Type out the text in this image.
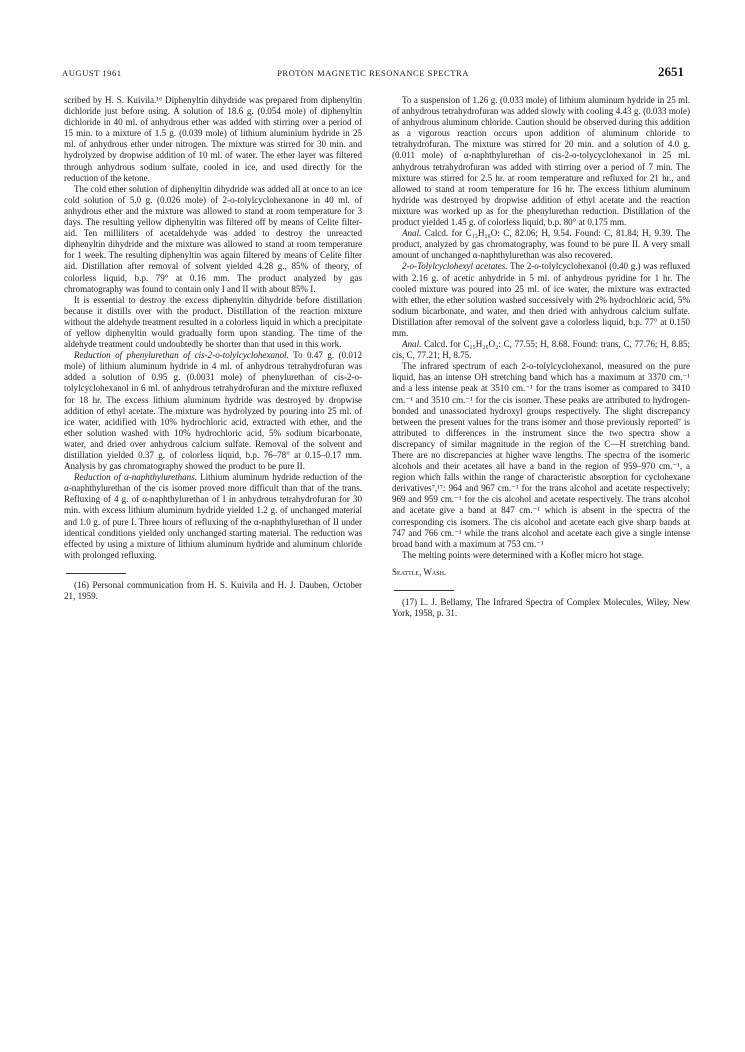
AUGUST 1961	PROTON MAGNETIC RESONANCE SPECTRA	2651

scribed by H. S. Kuivila.¹⁶ Diphenyltin dihydride was prepared from diphenyltin dichloride just before using. A solution of 18.6 g. (0.054 mole) of diphenyltin dichloride in 40 ml. of anhydrous ether was added with stirring over a period of 15 min. to a mixture of 1.5 g. (0.039 mole) of lithium aluminium hydride in 25 ml. of anhydrous ether under nitrogen. The mixture was stirred for 30 min. and hydrolyzed by dropwise addition of 10 ml. of water. The ether layer was filtered through anhydrous sodium sulfate, cooled in ice, and used directly for the reduction of the ketone.

The cold ether solution of diphenyltin dihydride was added all at once to an ice cold solution of 5.0 g. (0.026 mole) of 2-o-tolylcyclohexanone in 40 ml. of anhydrous ether and the mixture was allowed to stand at room temperature for 3 days. The resulting yellow diphenyltin was filtered off by means of Celite filter-aid. Ten milliliters of acetaldehyde was added to destroy the unreacted diphenyltin dihydride and the mixture was allowed to stand at room temperature for 1 week. The resulting diphenyltin was again filtered by means of Celite filter aid. Distillation after removal of solvent yielded 4.28 g., 85% of theory, of colorless liquid, b.p. 79° at 0.16 mm. The product analyzed by gas chromatography was found to contain only I and II with about 85% I.

It is essential to destroy the excess diphenyltin dihydride before distillation because it distills over with the product. Distillation of the reaction mixture without the aldehyde treatment resulted in a colorless liquid in which a precipitate of yellow diphenyltin would gradually form upon standing. The time of the aldehyde treatment could undoubtedly be shorter than that used in this work.

Reduction of phenylurethan of cis-2-o-tolylcyclohexanol. To 0.47 g. (0.012 mole) of lithium aluminum hydride in 4 ml. of anhydrous tetrahydrofuran was added a solution of 0.95 g. (0.0031 mole) of phenylurethan of cis-2-o-tolylcyclohexanol in 6 ml. of anhydrous tetrahydrofuran and the mixture refluxed for 18 hr. The excess lithium aluminum hydride was destroyed by dropwise addition of ethyl acetate. The mixture was hydrolyzed by pouring into 25 ml. of ice water, acidified with 10% hydrochloric acid, extracted with ether, and the ether solution washed with 10% hydrochloric acid, 5% sodium bicarbonate, water, and dried over anhydrous calcium sulfate. Removal of the solvent and distillation yielded 0.37 g. of colorless liquid, b.p. 76–78° at 0.15–0.17 mm. Analysis by gas chromatography showed the product to be pure II.

Reduction of α-naphthylurethans. Lithium aluminum hydride reduction of the α-naphthylurethan of the cis isomer proved more difficult than that of the trans. Refluxing of 4 g. of α-naphthylurethan of I in anhydrous tetrahydrofuran for 30 min. with excess lithium aluminum hydride yielded 1.2 g. of unchanged material and 1.0 g. of pure I. Three hours of refluxing of the α-naphthylurethan of II under identical conditions yielded only unchanged starting material. The reduction was effected by using a mixture of lithium aluminum hydride and aluminum chloride with prolonged refluxing.

(16) Personal communication from H. S. Kuivila and H. J. Dauben, October 21, 1959.

To a suspension of 1.26 g. (0.033 mole) of lithium aluminum hydride in 25 ml. of anhydrous tetrahydrofuran was added slowly with cooling 4.43 g. (0.033 mole) of anhydrous aluminum chloride. Caution should be observed during this addition as a vigorous reaction occurs upon addition of aluminum chloride to tetrahydrofuran. The mixture was stirred for 20 min. and a solution of 4.0 g. (0.011 mole) of α-naphthylurethan of cis-2-o-tolycyclohexanol in 25 ml. anhydrous tetrahydrofuran was added with stirring over a period of 7 min. The mixture was stirred for 2.5 hr. at room temperature and refluxed for 21 hr., and allowed to stand at room temperature for 16 hr. The excess lithium aluminum hydride was destroyed by dropwise addition of ethyl acetate and the reaction mixture was worked up as for the phenylurethan reduction. Distillation of the product yielded 1.45 g. of colorless liquid, b.p. 80° at 0.175 mm.

Anal. Calcd. for C₁₃H₁₈O: C, 82.06; H, 9.54. Found: C, 81.84; H, 9.39. The product, analyzed by gas chromatography, was found to be pure II. A very small amount of unchanged α-naphthylurethan was also recovered.

2-o-Tolylcyclohexyl acetates. The 2-o-tolylcyclohexanol (0.40 g.) was refluxed with 2.16 g. of acetic anhydride in 5 ml. of anhydrous pyridine for 1 hr. The cooled mixture was poured into 25 ml. of ice water, the mixture was extracted with ether, the ether solution washed successively with 2% hydrochloric acid, 5% sodium bicarbonate, and water, and then dried with anhydrous calcium sulfate. Distillation after removal of the solvent gave a colorless liquid, b.p. 77° at 0.150 mm.

Anal. Calcd. for C₁₅H₂₀O₂: C, 77.55; H, 8.68. Found: trans, C, 77.76; H, 8.85; cis, C, 77.21; H, 8.75.

The infrared spectrum of each 2-o-tolylcyclohexanol, measured on the pure liquid, has an intense OH stretching band which has a maximum at 3370 cm.⁻¹ and a less intense peak at 3510 cm.⁻¹ for the trans isomer as compared to 3410 cm.⁻¹ and 3510 cm.⁻¹ for the cis isomer. These peaks are attributed to hydrogen-bonded and unassociated hydroxyl groups respectively. The slight discrepancy between the present values for the trans isomer and those previously reported⁷ is attributed to differences in the instrument since the two spectra show a discrepancy of similar magnitude in the region of the C—H stretching band. There are no discrepancies at higher wave lengths. The spectra of the isomeric alcohols and their acetates all have a band in the region of 959–970 cm.⁻¹, a region which falls within the range of characteristic absorption for cyclohexane derivatives⁷,¹⁷: 964 and 967 cm.⁻¹ for the trans alcohol and acetate respectively; 969 and 959 cm.⁻¹ for the cis alcohol and acetate respectively. The trans alcohol and acetate give a band at 847 cm.⁻¹ which is absent in the spectra of the corresponding cis isomers. The cis alcohol and acetate each give sharp bands at 747 and 766 cm.⁻¹ while the trans alcohol and acetate each give a single intense broad band with a maximum at 753 cm.⁻¹

The melting points were determined with a Kofler micro hot stage.

Seattle, Wash.

(17) L. J. Bellamy, The Infrared Spectra of Complex Molecules, Wiley, New York, 1958, p. 31.
